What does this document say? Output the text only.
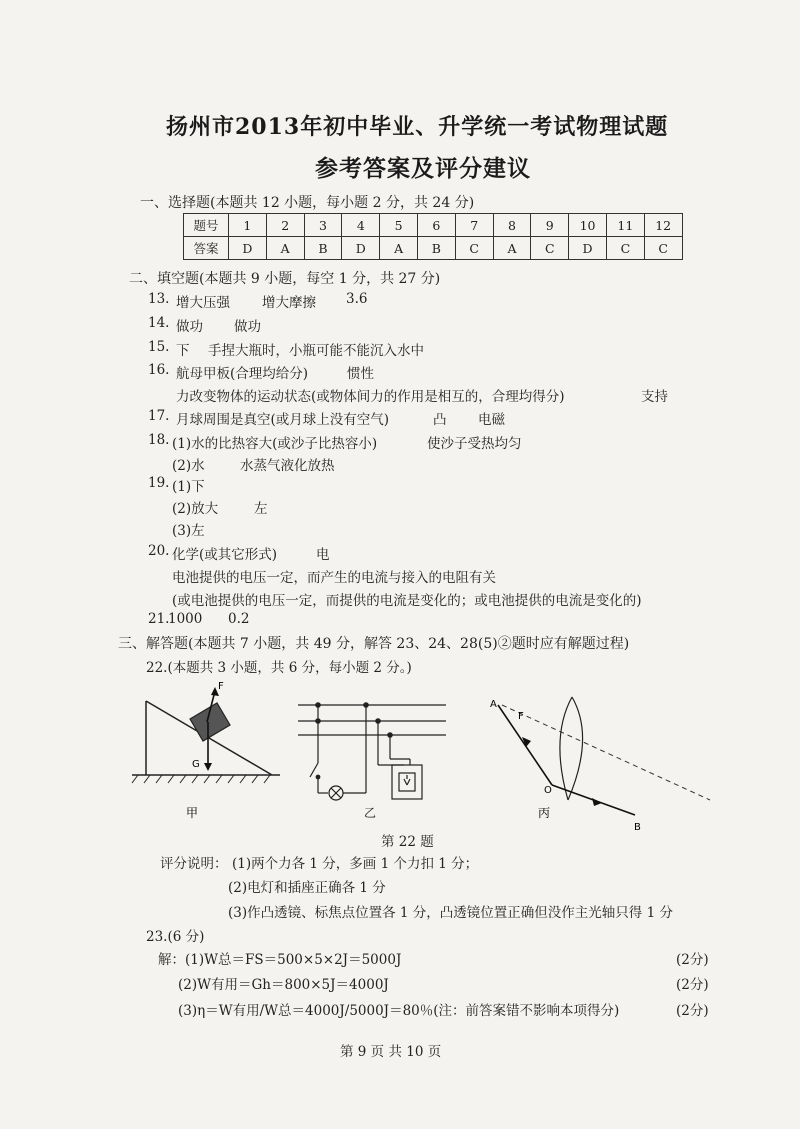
扬州市2013年初中毕业、升学统一考试物理试题
参考答案及评分建议
一、选择题(本题共 12 小题，每小题 2 分，共 24 分)
题号	1	2	3	4	5	6	7	8	9	10	11	12
答案	D	A	B	D	A	B	C	A	C	D	C	C
二、填空题(本题共 9 小题，每空 1 分，共 27 分)
13. 增大压强 增大摩擦 3.6
14. 做功 做功
15. 下 手捏大瓶时，小瓶可能不能沉入水中
16. 航母甲板(合理均给分)	惯性
力改变物体的运动状态(或物体间力的作用是相互的，合理均得分)	支持
17. 月球周围是真空(或月球上没有空气)	凸 电磁
18. (1)水的比热容大(或沙子比热容小)	使沙子受热均匀
(2)水	水蒸气液化放热
19. (1)下
(2)放大	左
(3)左
20. 化学(或其它形式)	电
电池提供的电压一定，而产生的电流与接入的电阻有关
(或电池提供的电压一定，而提供的电流是变化的；或电池提供的电流是变化的)
21.
1000 0.2
三、解答题(本题共 7 小题，共 49 分，解答 23、24、28(5)②题时应有解题过程)
22.(本题共 3 小题，共 6 分，每小题 2 分。)
F
G
甲	乙
A
F
O
B
丙
第 22 题
评分说明： (1)两个力各 1 分，多画 1 个力扣 1 分；
(2)电灯和插座正确各 1 分
(3)作凸透镜、标焦点位置各 1 分，凸透镜位置正确但没作主光轴只得 1 分
23.(6 分)
解：(1)W总＝FS＝500×5×2J＝5000J	(2分)
(2)W有用＝Gh＝800×5J＝4000J	(2分)
(3)η＝W有用/W总＝4000J/5000J＝80％(注：前答案错不影响本项得分)	(2分)
第 9 页 共 10 页
